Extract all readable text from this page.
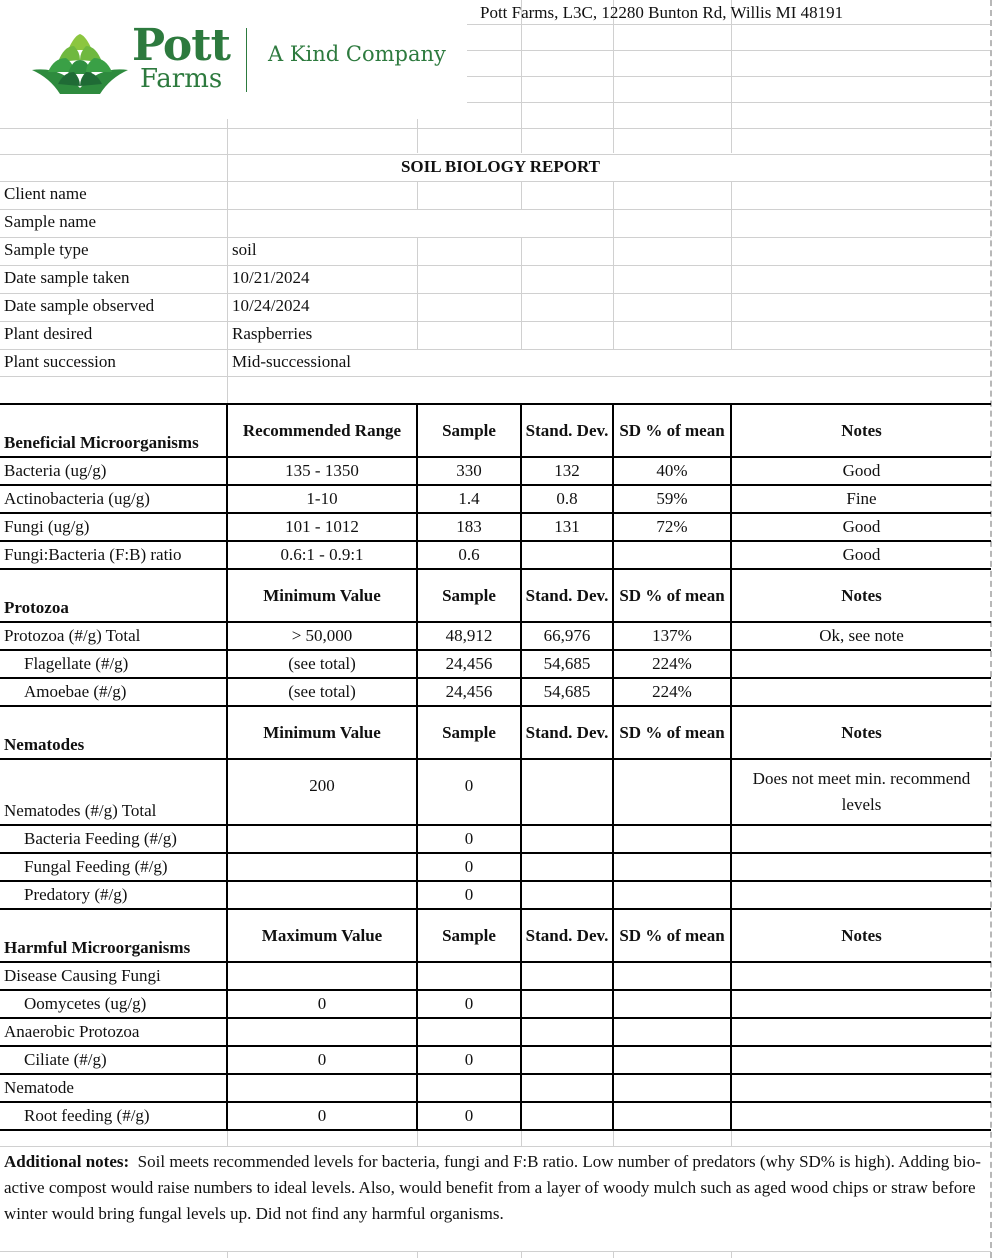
Pott
Farms
A Kind Company
Pott Farms, L3C, 12280 Bunton Rd, Willis MI 48191
SOIL BIOLOGY REPORT
Client name
Sample name
Sample type	soil
Date sample taken	10/21/2024
Date sample observed	10/24/2024
Plant desired	Raspberries
Plant succession	Mid-successional
Beneficial Microorganisms	Recommended Range	Sample	Stand. Dev.	SD % of mean	Notes
Bacteria (ug/g)	135 - 1350	330	132	40%	Good
Actinobacteria (ug/g)	1-10	1.4	0.8	59%	Fine
Fungi (ug/g)	101 - 1012	183	131	72%	Good
Fungi:Bacteria (F:B) ratio	0.6:1 - 0.9:1	0.6			Good
Protozoa	Minimum Value	Sample	Stand. Dev.	SD % of mean	Notes
Protozoa (#/g) Total	> 50,000	48,912	66,976	137%	Ok, see note
Flagellate (#/g)	(see total)	24,456	54,685	224%	
Amoebae (#/g)	(see total)	24,456	54,685	224%	
Nematodes	Minimum Value	Sample	Stand. Dev.	SD % of mean	Notes
Nematodes (#/g) Total	200	0			Does not meet min. recommend levels
Bacteria Feeding (#/g)		0			
Fungal Feeding (#/g)		0			
Predatory (#/g)		0			
Harmful Microorganisms	Maximum Value	Sample	Stand. Dev.	SD % of mean	Notes
Disease Causing Fungi					
Oomycetes (ug/g)	0	0			
Anaerobic Protozoa					
Ciliate (#/g)	0	0			
Nematode					
Root feeding (#/g)	0	0			
Additional notes: Soil meets recommended levels for bacteria, fungi and F:B ratio. Low number of predators (why SD% is high). Adding bio-active compost would raise numbers to ideal levels. Also, would benefit from a layer of woody mulch such as aged wood chips or straw before winter would bring fungal levels up. Did not find any harmful organisms.
